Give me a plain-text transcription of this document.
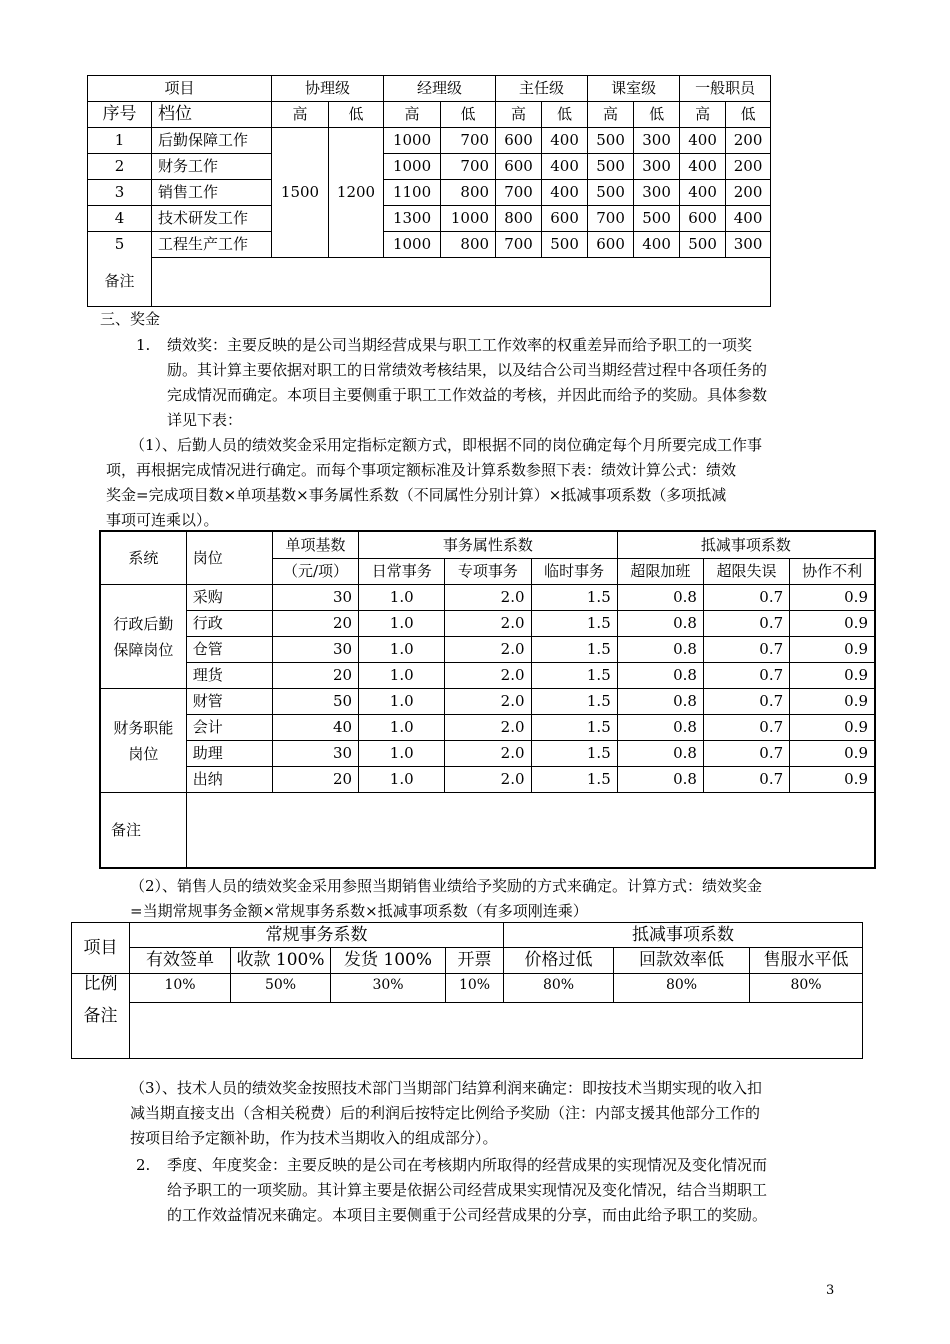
项目		协理级		经理级		主任级		课室级		一般职员	
序号	档位	高	低	高	低	高	低	高	低	高	低
1	后勤保障工作	1500	1200	1000	700	600	400	500	300	400	200
2	财务工作			1000	700	600	400	500	300	400	200
3	销售工作			1100	800	700	400	500	300	400	200
4	技术研发工作			1300	1000	800	600	700	500	600	400
5	工程生产工作			1000	800	700	500	600	400	500	300
备注											

三、奖金

1. 绩效奖：主要反映的是公司当期经营成果与职工工作效率的权重差异而给予职工的一项奖

励。其计算主要依据对职工的日常绩效考核结果，以及结合公司当期经营过程中各项任务的

完成情况而确定。本项目主要侧重于职工工作效益的考核，并因此而给予的奖励。具体参数

详见下表：

（1）、后勤人员的绩效奖金采用定指标定额方式，即根据不同的岗位确定每个月所要完成工作事

项，再根据完成情况进行确定。而每个事项定额标准及计算系数参照下表：绩效计算公式：绩效

奖金=完成项目数×单项基数×事务属性系数（不同属性分别计算）×抵减事项系数（多项抵减

事项可连乘以）。

系统	岗位	单项基数	事务属性系数			抵减事项系数		
		（元/项）	日常事务	专项事务	临时事务	超限加班	超限失误	协作不利
行政后勤
保障岗位	采购	30	1.0	2.0	1.5	0.8	0.7	0.9
	行政	20	1.0	2.0	1.5	0.8	0.7	0.9
	仓管	30	1.0	2.0	1.5	0.8	0.7	0.9
	理货	20	1.0	2.0	1.5	0.8	0.7	0.9
财务职能
岗位	财管	50	1.0	2.0	1.5	0.8	0.7	0.9
	会计	40	1.0	2.0	1.5	0.8	0.7	0.9
	助理	30	1.0	2.0	1.5	0.8	0.7	0.9
	出纳	20	1.0	2.0	1.5	0.8	0.7	0.9
备注								

（2）、销售人员的绩效奖金采用参照当期销售业绩给予奖励的方式来确定。计算方式：绩效奖金

=当期常规事务金额×常规事务系数×抵减事项系数（有多项刚连乘）

项目	常规事务系数				抵减事项系数		
	有效签单	收款 100%	发货 100%	开票	价格过低	回款效率低	售服水平低
比例	10%	50%	30%	10%	80%	80%	80%
备注							

（3）、技术人员的绩效奖金按照技术部门当期部门结算利润来确定：即按技术当期实现的收入扣

减当期直接支出（含相关税费）后的利润后按特定比例给予奖励（注：内部支援其他部分工作的

按项目给予定额补助，作为技术当期收入的组成部分）。

2. 季度、年度奖金：主要反映的是公司在考核期内所取得的经营成果的实现情况及变化情况而

给予职工的一项奖励。其计算主要是依据公司经营成果实现情况及变化情况，结合当期职工

的工作效益情况来确定。本项目主要侧重于公司经营成果的分享，而由此给予职工的奖励。

3
